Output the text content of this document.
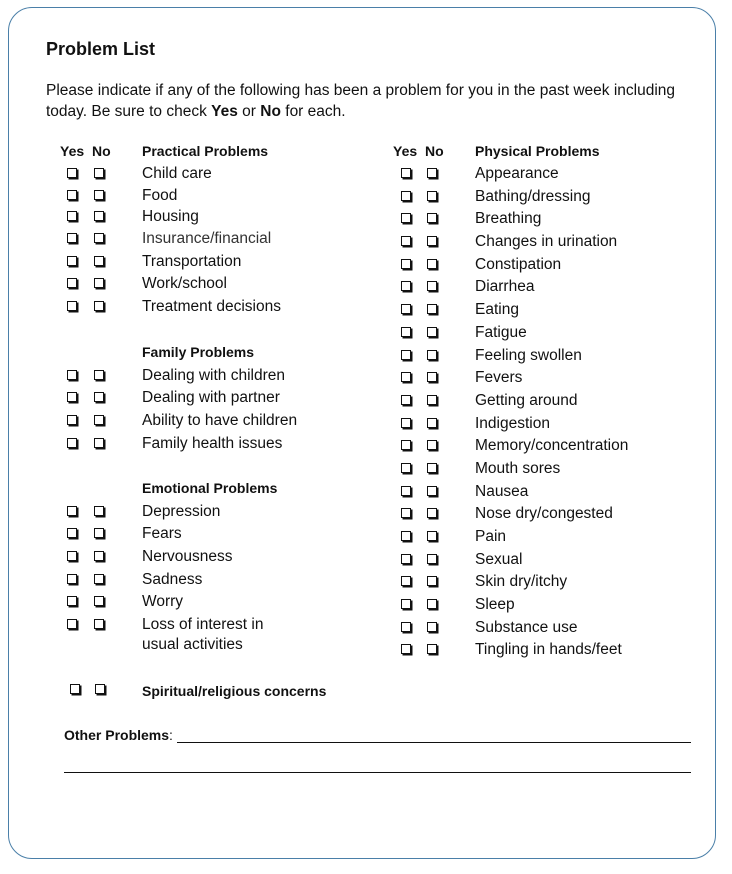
Problem List
Please indicate if any of the following has been a problem for you in the past week including today. Be sure to check Yes or No for each.
Yes No Practical Problems	Yes No Physical Problems
Child care
Food
Housing
Insurance/financial
Transportation
Work/school
Treatment decisions
Family Problems
Dealing with children
Dealing with partner
Ability to have children
Family health issues
Emotional Problems
Depression
Fears
Nervousness
Sadness
Worry
Loss of interest in
usual activities
Spiritual/religious concerns
Appearance
Bathing/dressing
Breathing
Changes in urination
Constipation
Diarrhea
Eating
Fatigue
Feeling swollen
Fevers
Getting around
Indigestion
Memory/concentration
Mouth sores
Nausea
Nose dry/congested
Pain
Sexual
Skin dry/itchy
Sleep
Substance use
Tingling in hands/feet
Other Problems:
